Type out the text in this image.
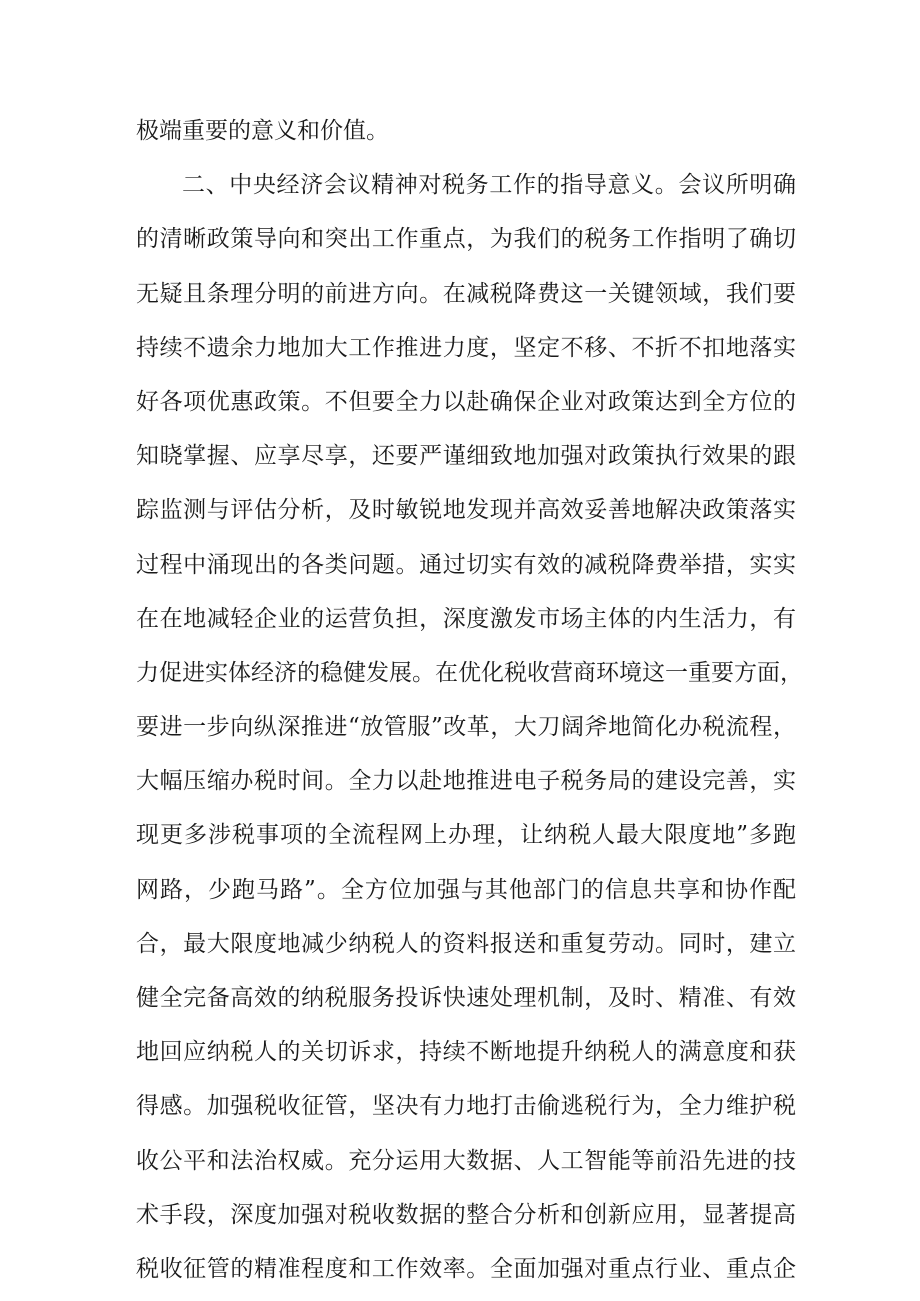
极端重要的意义和价值。
二、中央经济会议精神对税务工作的指导意义。会议所明确
的清晰政策导向和突出工作重点，为我们的税务工作指明了确切
无疑且条理分明的前进方向。在减税降费这一关键领域，我们要
持续不遗余力地加大工作推进力度，坚定不移、不折不扣地落实
好各项优惠政策。不但要全力以赴确保企业对政策达到全方位的
知晓掌握、应享尽享，还要严谨细致地加强对政策执行效果的跟
踪监测与评估分析，及时敏锐地发现并高效妥善地解决政策落实
过程中涌现出的各类问题。通过切实有效的减税降费举措，实实
在在地减轻企业的运营负担，深度激发市场主体的内生活力，有
力促进实体经济的稳健发展。在优化税收营商环境这一重要方面，
要进一步向纵深推进“放管服”改革，大刀阔斧地简化办税流程，
大幅压缩办税时间。全力以赴地推进电子税务局的建设完善，实
现更多涉税事项的全流程网上办理，让纳税人最大限度地”多跑
网路，少跑马路”。全方位加强与其他部门的信息共享和协作配
合，最大限度地减少纳税人的资料报送和重复劳动。同时，建立
健全完备高效的纳税服务投诉快速处理机制，及时、精准、有效
地回应纳税人的关切诉求，持续不断地提升纳税人的满意度和获
得感。加强税收征管，坚决有力地打击偷逃税行为，全力维护税
收公平和法治权威。充分运用大数据、人工智能等前沿先进的技
术手段，深度加强对税收数据的整合分析和创新应用，显著提高
税收征管的精准程度和工作效率。全面加强对重点行业、重点企
